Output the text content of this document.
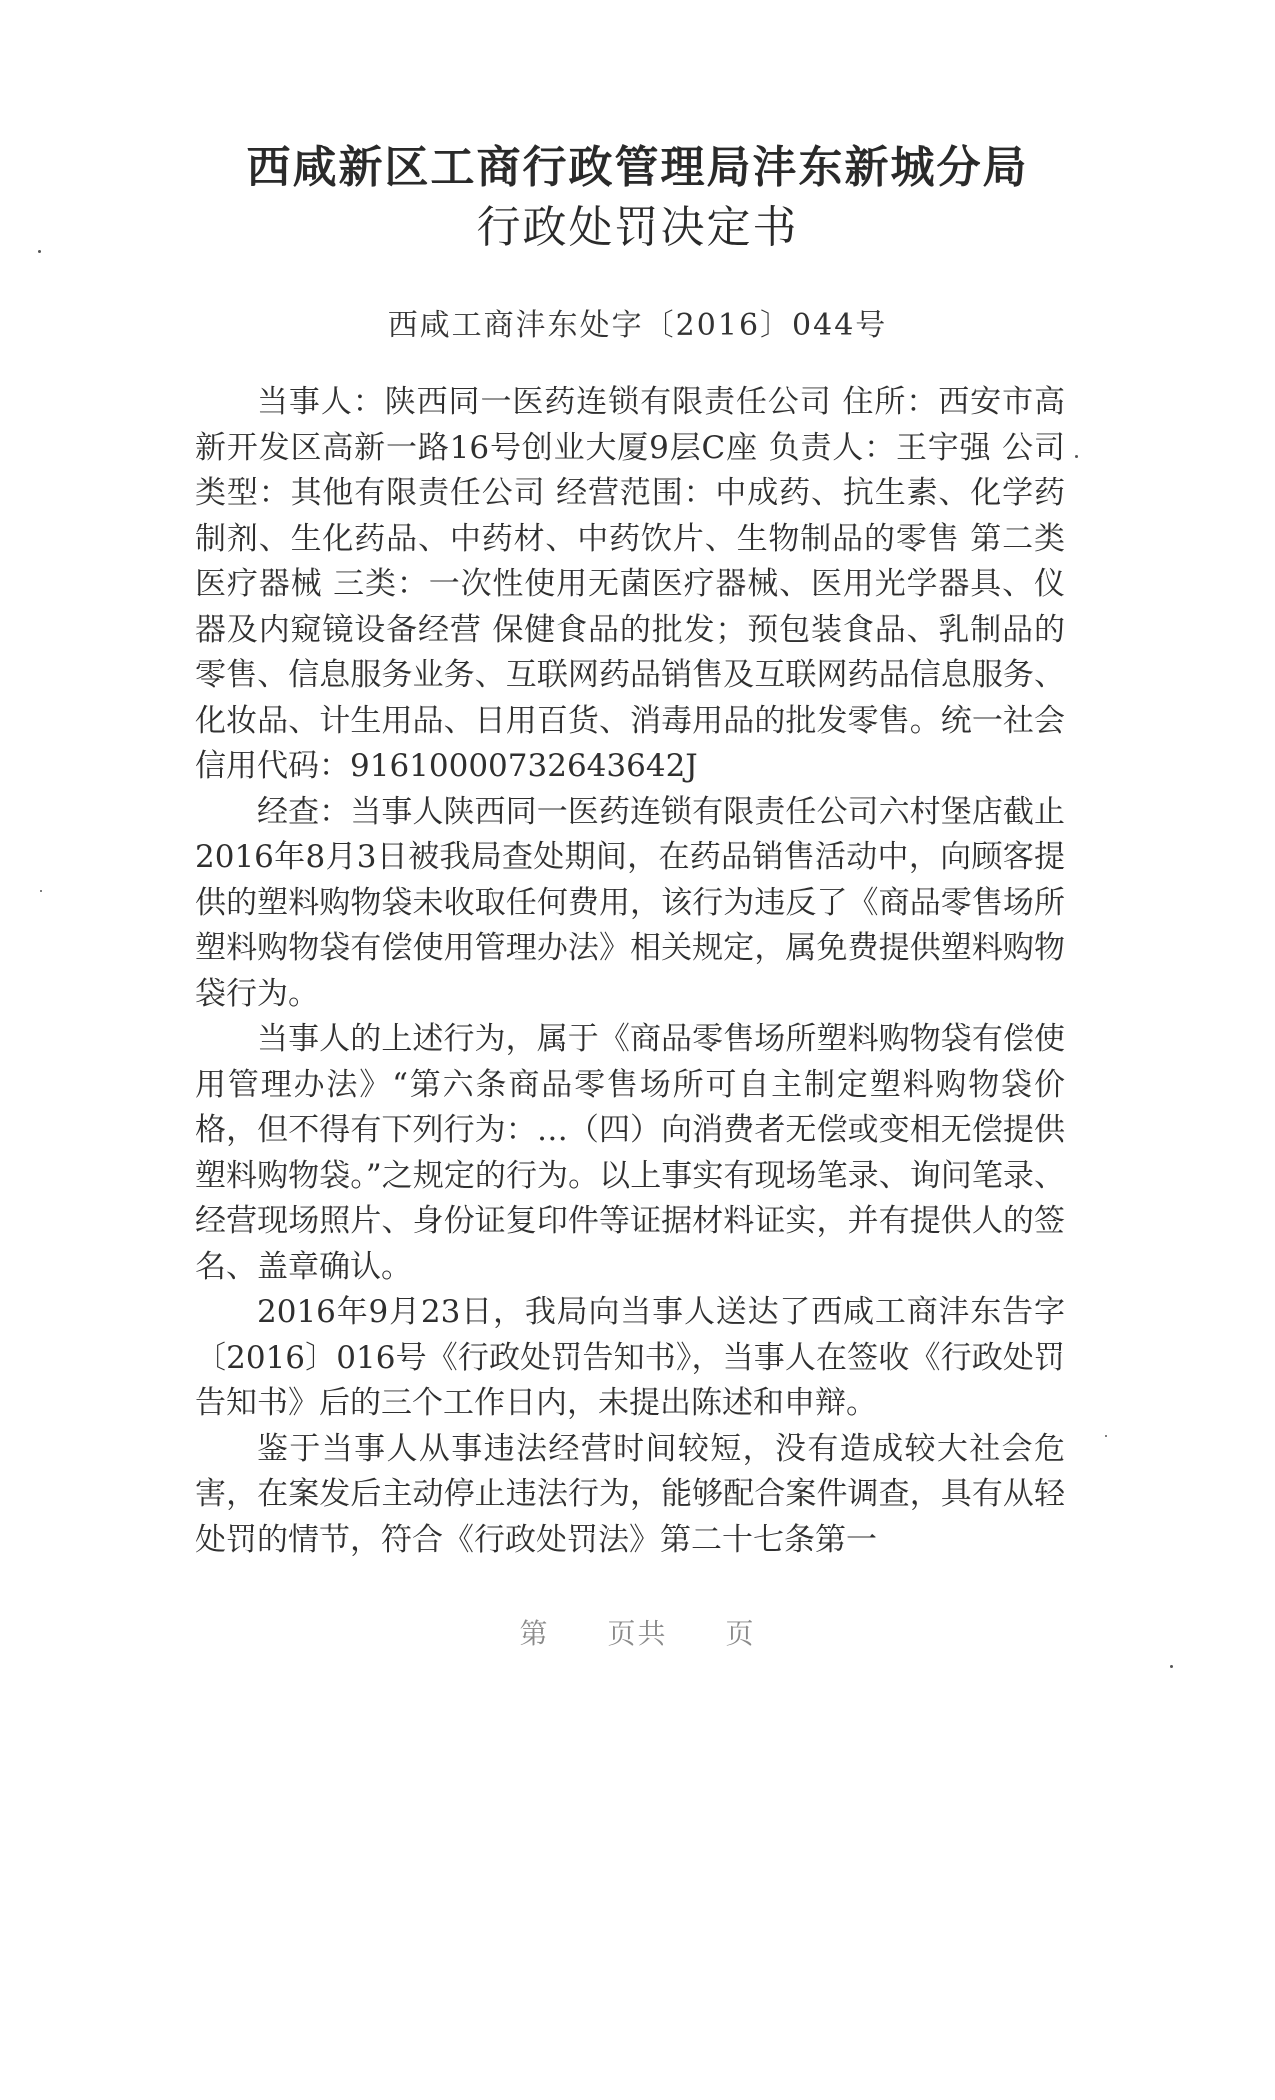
西咸新区工商行政管理局沣东新城分局
行政处罚决定书
西咸工商沣东处字〔2016〕044号

当事人：陕西同一医药连锁有限责任公司 住所：西安市高新开发区高新一路16号创业大厦9层C座 负责人：王宇强 公司类型：其他有限责任公司 经营范围：中成药、抗生素、化学药制剂、生化药品、中药材、中药饮片、生物制品的零售 第二类医疗器械 三类：一次性使用无菌医疗器械、医用光学器具、仪器及内窥镜设备经营 保健食品的批发；预包装食品、乳制品的零售、信息服务业务、互联网药品销售及互联网药品信息服务、化妆品、计生用品、日用百货、消毒用品的批发零售。统一社会信用代码：91610000732643642J

经查：当事人陕西同一医药连锁有限责任公司六村堡店截止2016年8月3日被我局查处期间，在药品销售活动中，向顾客提供的塑料购物袋未收取任何费用，该行为违反了《商品零售场所塑料购物袋有偿使用管理办法》相关规定，属免费提供塑料购物袋行为。

当事人的上述行为，属于《商品零售场所塑料购物袋有偿使用管理办法》“第六条商品零售场所可自主制定塑料购物袋价格，但不得有下列行为：…（四）向消费者无偿或变相无偿提供塑料购物袋。”之规定的行为。以上事实有现场笔录、询问笔录、经营现场照片、身份证复印件等证据材料证实，并有提供人的签名、盖章确认。

2016年9月23日，我局向当事人送达了西咸工商沣东告字〔2016〕016号《行政处罚告知书》，当事人在签收《行政处罚告知书》后的三个工作日内，未提出陈述和申辩。

鉴于当事人从事违法经营时间较短，没有造成较大社会危害，在案发后主动停止违法行为，能够配合案件调查，具有从轻处罚的情节，符合《行政处罚法》第二十七条第一

第 页共 页
